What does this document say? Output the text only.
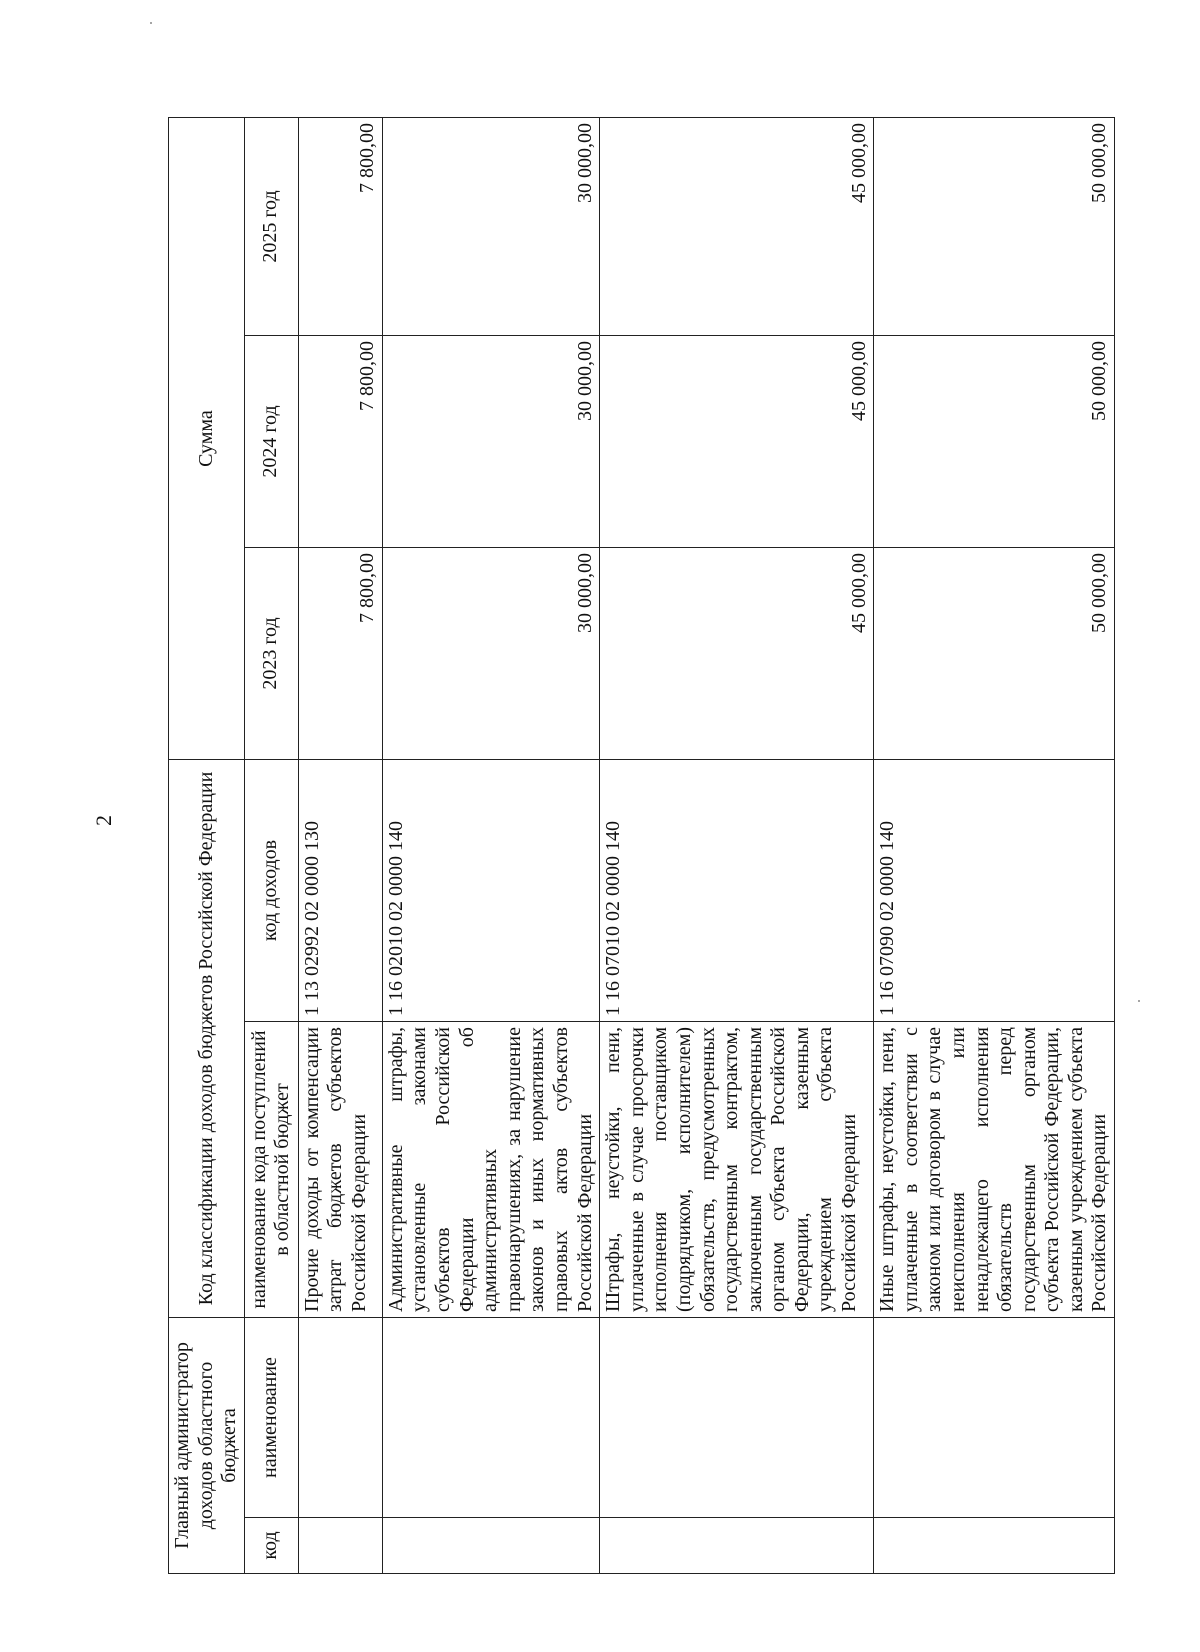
2
Главный администратор доходов областного бюджета		Код классификации доходов бюджетов Российской Федерации		Сумма		
код	наименование	наименование кода поступлений в областной бюджет	код доходов	2023 год	2024 год	2025 год
		Прочие доходы от компенсации затрат бюджетов субъектов Российской Федерации	1 13 02992 02 0000 130	7 800,00	7 800,00	7 800,00
		Административные штрафы, установленные законами субъектов Российской Федерации об административных правонарушениях, за нарушение законов и иных нормативных правовых актов субъектов Российской Федерации	1 16 02010 02 0000 140	30 000,00	30 000,00	30 000,00
		Штрафы, неустойки, пени, уплаченные в случае просрочки исполнения поставщиком (подрядчиком, исполнителем) обязательств, предусмотренных государственным контрактом, заключенным государственным органом субъекта Российской Федерации, казенным учреждением субъекта Российской Федерации	1 16 07010 02 0000 140	45 000,00	45 000,00	45 000,00
		Иные штрафы, неустойки, пени, уплаченные в соответствии с законом или договором в случае неисполнения или ненадлежащего исполнения обязательств перед государственным органом субъекта Российской Федерации, казенным учреждением субъекта Российской Федерации	1 16 07090 02 0000 140	50 000,00	50 000,00	50 000,00
